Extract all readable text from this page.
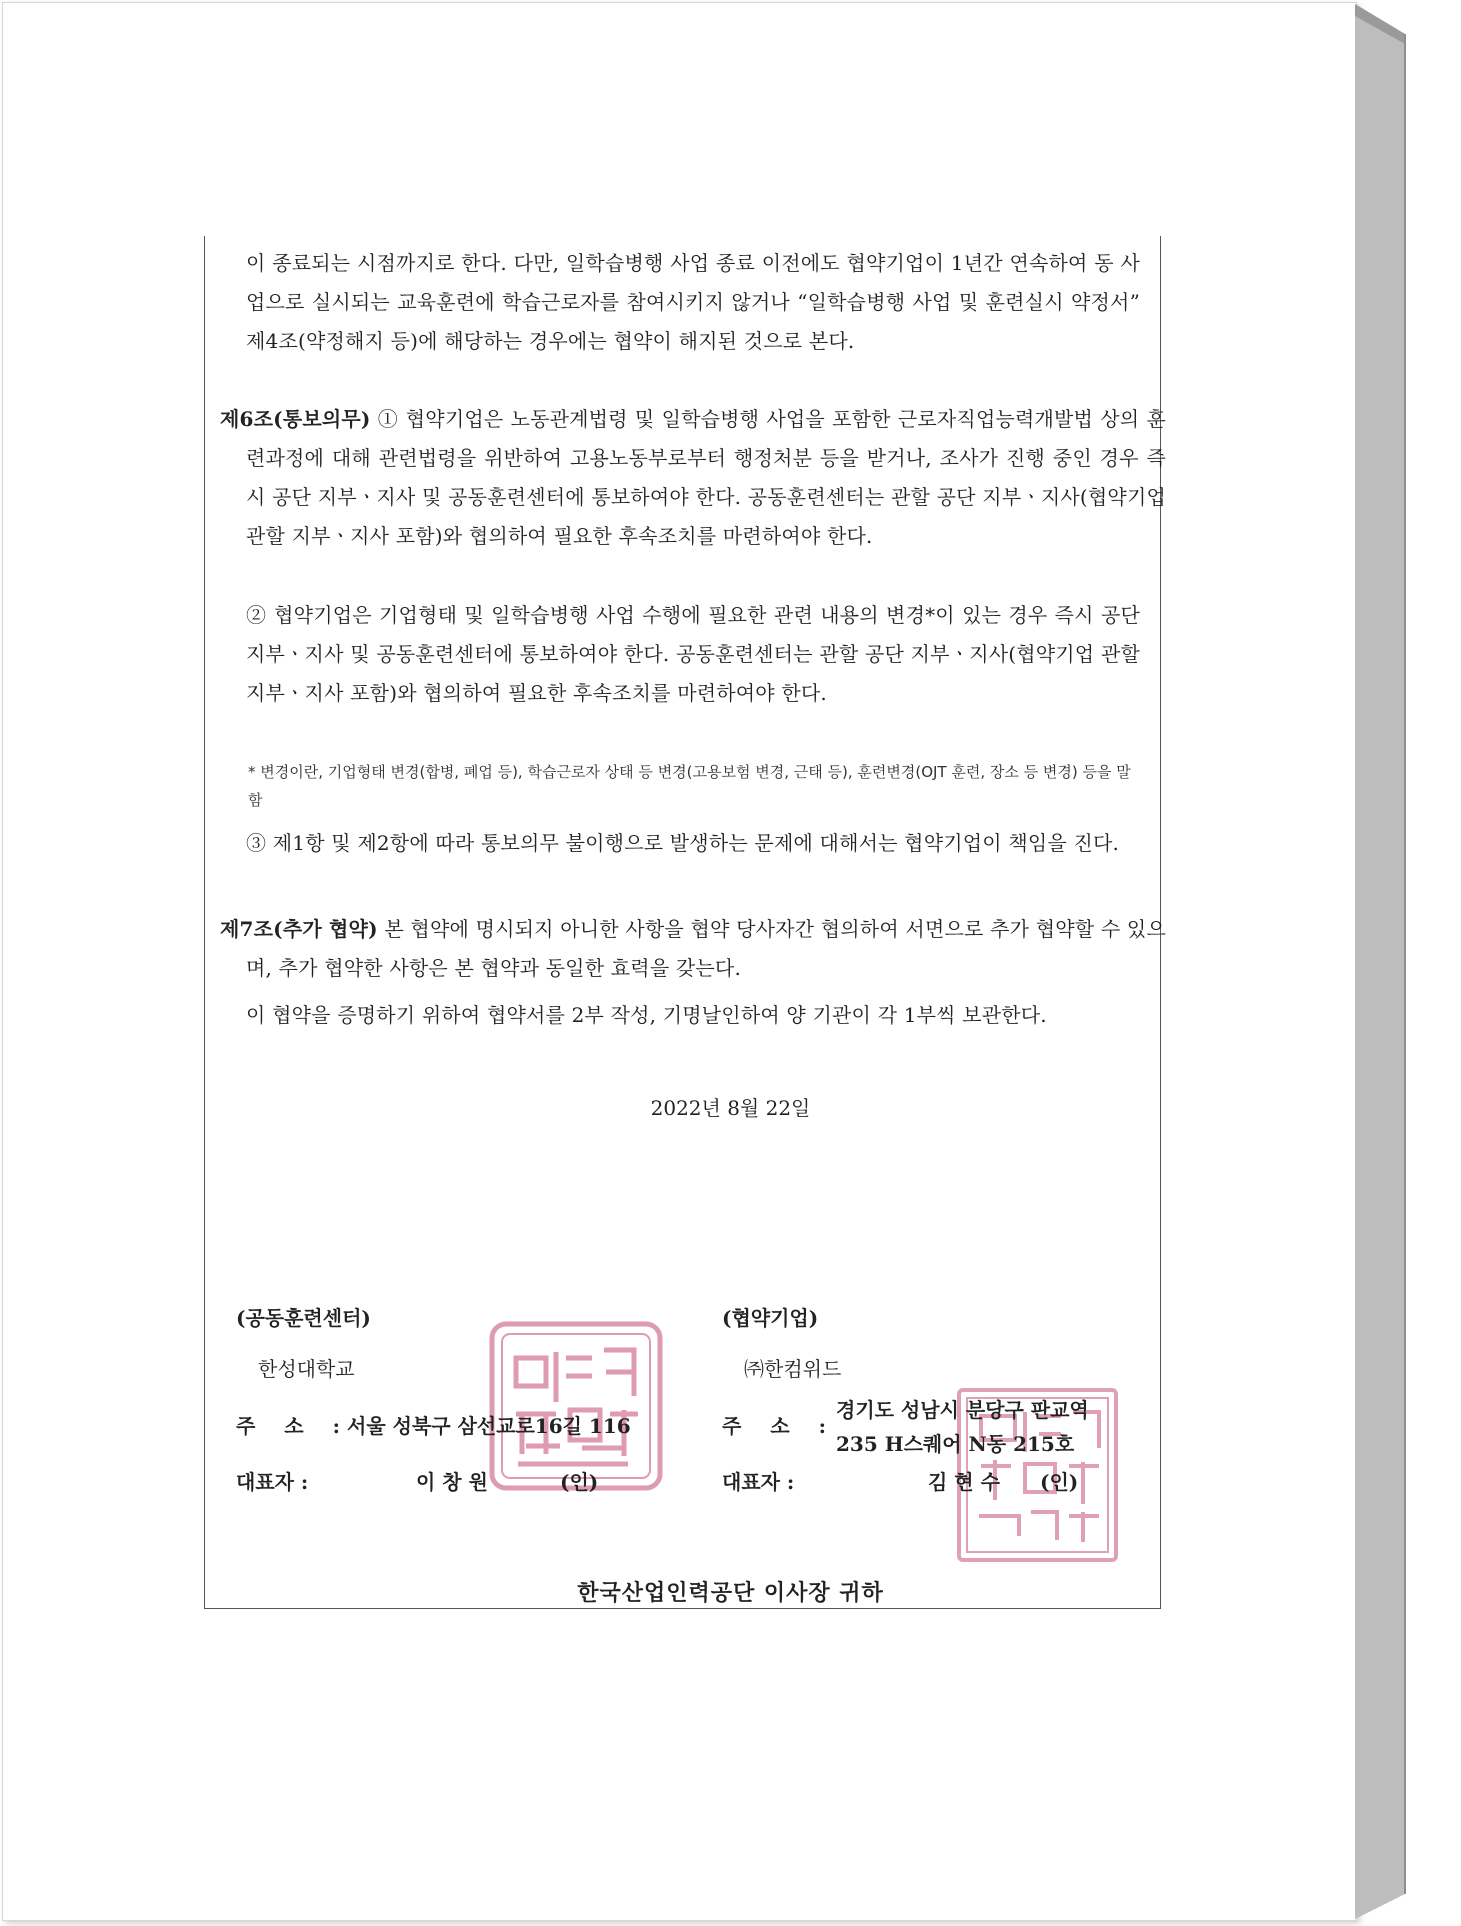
이 종료되는 시점까지로 한다. 다만, 일학습병행 사업 종료 이전에도 협약기업이 1년간 연속하여 동 사업으로 실시되는 교육훈련에 학습근로자를 참여시키지 않거나 “일학습병행 사업 및 훈련실시 약정서” 제4조(약정해지 등)에 해당하는 경우에는 협약이 해지된 것으로 본다.

제6조(통보의무) ① 협약기업은 노동관계법령 및 일학습병행 사업을 포함한 근로자직업능력개발법 상의 훈련과정에 대해 관련법령을 위반하여 고용노동부로부터 행정처분 등을 받거나, 조사가 진행 중인 경우 즉시 공단 지부ㆍ지사 및 공동훈련센터에 통보하여야 한다. 공동훈련센터는 관할 공단 지부ㆍ지사(협약기업 관할 지부ㆍ지사 포함)와 협의하여 필요한 후속조치를 마련하여야 한다.

② 협약기업은 기업형태 및 일학습병행 사업 수행에 필요한 관련 내용의 변경*이 있는 경우 즉시 공단 지부ㆍ지사 및 공동훈련센터에 통보하여야 한다. 공동훈련센터는 관할 공단 지부ㆍ지사(협약기업 관할 지부ㆍ지사 포함)와 협의하여 필요한 후속조치를 마련하여야 한다.

* 변경이란, 기업형태 변경(합병, 폐업 등), 학습근로자 상태 등 변경(고용보험 변경, 근태 등), 훈련변경(OJT 훈련, 장소 등 변경) 등을 말함

③ 제1항 및 제2항에 따라 통보의무 불이행으로 발생하는 문제에 대해서는 협약기업이 책임을 진다.

제7조(추가 협약) 본 협약에 명시되지 아니한 사항을 협약 당사자간 협의하여 서면으로 추가 협약할 수 있으며, 추가 협약한 사항은 본 협약과 동일한 효력을 갖는다.

이 협약을 증명하기 위하여 협약서를 2부 작성, 기명날인하여 양 기관이 각 1부씩 보관한다.

2022년 8월 22일
(공동훈련센터)
한성대학교
주 소 : 서울 성북구 삼선교로16길 116
대표자 :	이 창 원	(인)
(협약기업)
㈜한컴위드
주 소 :
경기도 성남시 분당구 판교역
235 H스퀘어 N동 215호
대표자 :	김 현 수 (인)
한국산업인력공단 이사장 귀하
